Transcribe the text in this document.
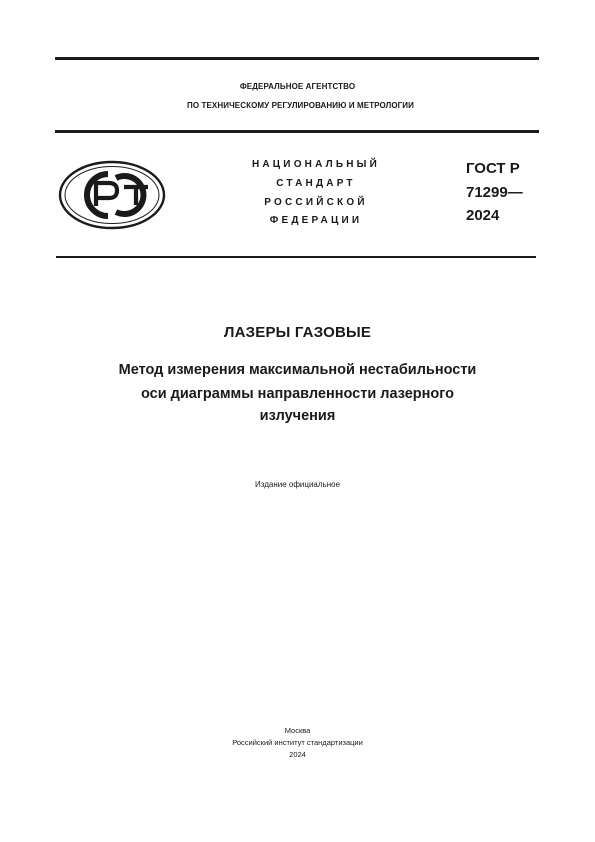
ФЕДЕРАЛЬНОЕ АГЕНТСТВО
ПО ТЕХНИЧЕСКОМУ РЕГУЛИРОВАНИЮ И МЕТРОЛОГИИ
НАЦИОНАЛЬНЫЙ
СТАНДАРТ
РОССИЙСКОЙ
ФЕДЕРАЦИИ
ГОСТ Р
71299—
2024
ЛАЗЕРЫ ГАЗОВЫЕ
Метод измерения максимальной нестабильности
оси диаграммы направленности лазерного
излучения
Издание официальное
Москва
Российский институт стандартизации
2024
